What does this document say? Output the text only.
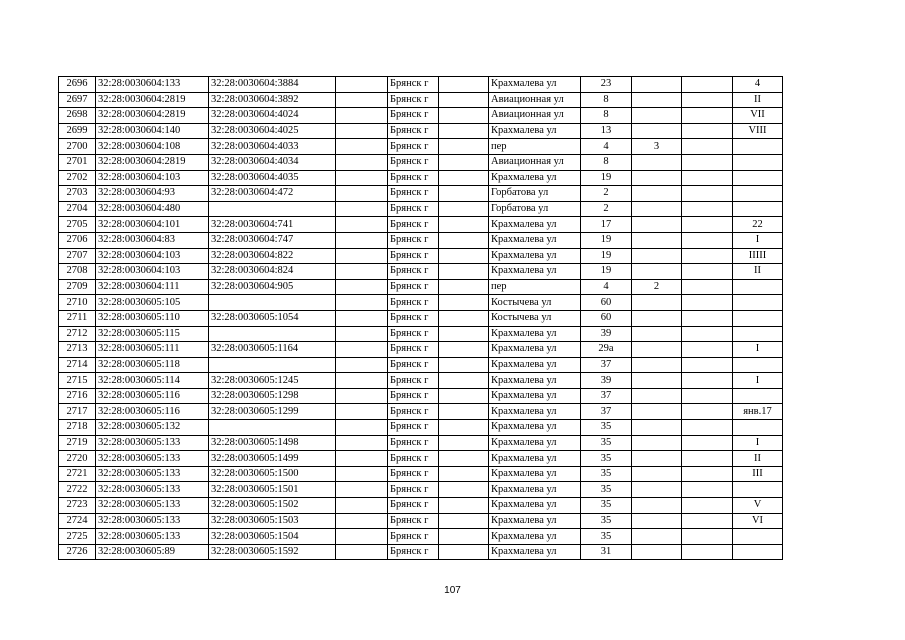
2696	32:28:0030604:133	32:28:0030604:3884		Брянск г		Крахмалева ул	23			4
2697	32:28:0030604:2819	32:28:0030604:3892		Брянск г		Авиационная ул	8			II
2698	32:28:0030604:2819	32:28:0030604:4024		Брянск г		Авиационная ул	8			VII
2699	32:28:0030604:140	32:28:0030604:4025		Брянск г		Крахмалева ул	13			VIII
2700	32:28:0030604:108	32:28:0030604:4033		Брянск г		пер	4	3		
2701	32:28:0030604:2819	32:28:0030604:4034		Брянск г		Авиационная ул	8			
2702	32:28:0030604:103	32:28:0030604:4035		Брянск г		Крахмалева ул	19			
2703	32:28:0030604:93	32:28:0030604:472		Брянск г		Горбатова ул	2			
2704	32:28:0030604:480			Брянск г		Горбатова ул	2			
2705	32:28:0030604:101	32:28:0030604:741		Брянск г		Крахмалева ул	17			22
2706	32:28:0030604:83	32:28:0030604:747		Брянск г		Крахмалева ул	19			I
2707	32:28:0030604:103	32:28:0030604:822		Брянск г		Крахмалева ул	19			IIIII
2708	32:28:0030604:103	32:28:0030604:824		Брянск г		Крахмалева ул	19			II
2709	32:28:0030604:111	32:28:0030604:905		Брянск г		пер	4	2		
2710	32:28:0030605:105			Брянск г		Костычева ул	60			
2711	32:28:0030605:110	32:28:0030605:1054		Брянск г		Костычева ул	60			
2712	32:28:0030605:115			Брянск г		Крахмалева ул	39			
2713	32:28:0030605:111	32:28:0030605:1164		Брянск г		Крахмалева ул	29а			I
2714	32:28:0030605:118			Брянск г		Крахмалева ул	37			
2715	32:28:0030605:114	32:28:0030605:1245		Брянск г		Крахмалева ул	39			I
2716	32:28:0030605:116	32:28:0030605:1298		Брянск г		Крахмалева ул	37			
2717	32:28:0030605:116	32:28:0030605:1299		Брянск г		Крахмалева ул	37			янв.17
2718	32:28:0030605:132			Брянск г		Крахмалева ул	35			
2719	32:28:0030605:133	32:28:0030605:1498		Брянск г		Крахмалева ул	35			I
2720	32:28:0030605:133	32:28:0030605:1499		Брянск г		Крахмалева ул	35			II
2721	32:28:0030605:133	32:28:0030605:1500		Брянск г		Крахмалева ул	35			III
2722	32:28:0030605:133	32:28:0030605:1501		Брянск г		Крахмалева ул	35			
2723	32:28:0030605:133	32:28:0030605:1502		Брянск г		Крахмалева ул	35			V
2724	32:28:0030605:133	32:28:0030605:1503		Брянск г		Крахмалева ул	35			VI
2725	32:28:0030605:133	32:28:0030605:1504		Брянск г		Крахмалева ул	35			
2726	32:28:0030605:89	32:28:0030605:1592		Брянск г		Крахмалева ул	31			
107
